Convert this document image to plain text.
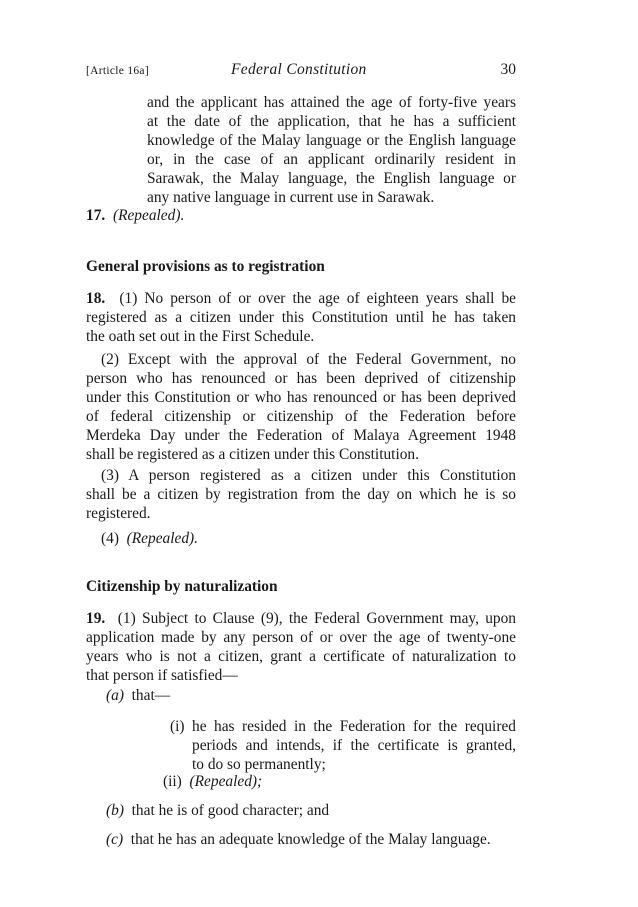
[Article 16a]	Federal Constitution	30
and the applicant has attained the age of forty-five years
at the date of the application, that he has a sufficient
knowledge of the Malay language or the English language
or, in the case of an applicant ordinarily resident in
Sarawak, the Malay language, the English language or
any native language in current use in Sarawak.
17. (Repealed).
General provisions as to registration
18. (1) No person of or over the age of eighteen years shall be
registered as a citizen under this Constitution until he has taken
the oath set out in the First Schedule.
(2) Except with the approval of the Federal Government, no
person who has renounced or has been deprived of citizenship
under this Constitution or who has renounced or has been deprived
of federal citizenship or citizenship of the Federation before
Merdeka Day under the Federation of Malaya Agreement 1948
shall be registered as a citizen under this Constitution.
(3) A person registered as a citizen under this Constitution
shall be a citizen by registration from the day on which he is so
registered.
(4) (Repealed).
Citizenship by naturalization
19. (1) Subject to Clause (9), the Federal Government may, upon
application made by any person of or over the age of twenty-one
years who is not a citizen, grant a certificate of naturalization to
that person if satisfied—
(a) that—
(i) he has resided in the Federation for the required
periods and intends, if the certificate is granted,
to do so permanently;
(ii) (Repealed);
(b) that he is of good character; and
(c) that he has an adequate knowledge of the Malay language.
